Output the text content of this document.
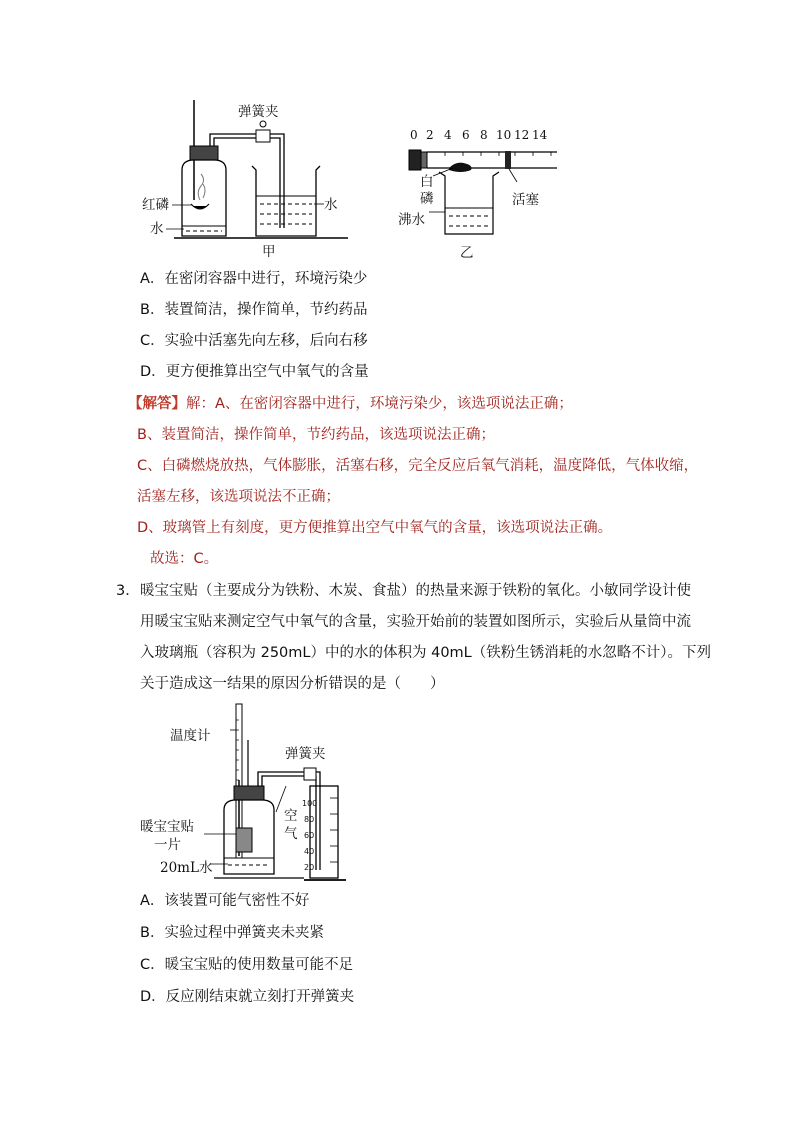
弹簧夹
红磷
水
水
甲
0 2 4 6 8 10 12 14
白
磷	活塞
沸水
乙
A．在密闭容器中进行，环境污染少
B．装置简洁，操作简单，节约药品
C．实验中活塞先向左移，后向右移
D．更方便推算出空气中氧气的含量
【解答】解：A、在密闭容器中进行，环境污染少，该选项说法正确；
B、装置简洁，操作简单，节约药品，该选项说法正确；
C、白磷燃烧放热，气体膨胀，活塞右移，完全反应后氧气消耗，温度降低，气体收缩，
活塞左移，该选项说法不正确；
D、玻璃管上有刻度，更方便推算出空气中氧气的含量，该选项说法正确。
故选：C。
3． 暖宝宝贴（主要成分为铁粉、木炭、食盐）的热量来源于铁粉的氧化。小敏同学设计使
用暖宝宝贴来测定空气中氧气的含量，实验开始前的装置如图所示，实验后从量筒中流
入玻璃瓶（容积为 250mL）中的水的体积为 40mL（铁粉生锈消耗的水忽略不计）。下列
关于造成这一结果的原因分析错误的是（　　）
温度计
弹簧夹
空
气
暖宝宝贴
一片
20mL水
100
80
60
40
20
A．该装置可能气密性不好
B．实验过程中弹簧夹未夹紧
C．暖宝宝贴的使用数量可能不足
D．反应刚结束就立刻打开弹簧夹
